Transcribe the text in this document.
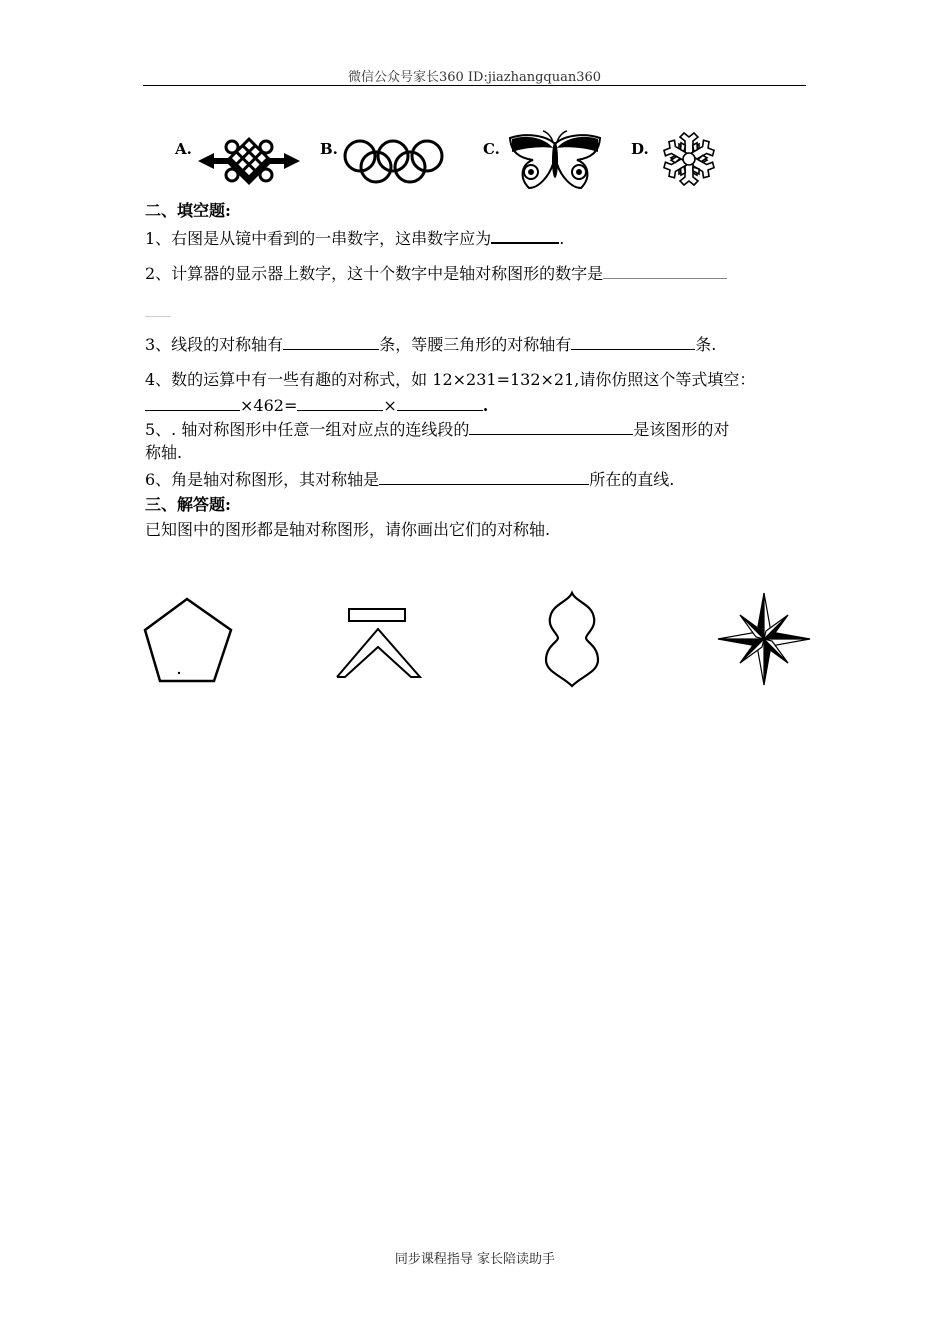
微信公众号家长360 ID:jiazhangquan360
A.	B.	C.	D.
二、填空题:
1、右图是从镜中看到的一串数字，这串数字应为	.
2、计算器的显示器上数字，这十个数字中是轴对称图形的数字是
____
3、线段的对称轴有	条，等腰三角形的对称轴有	条.
4、数的运算中有一些有趣的对称式，如 12×231=132×21,请你仿照这个等式填空：
×462=	×	.
5、. 轴对称图形中任意一组对应点的连线段的	是该图形的对
称轴.
6、角是轴对称图形，其对称轴是	所在的直线.
三、解答题:
已知图中的图形都是轴对称图形，请你画出它们的对称轴.
同步课程指导 家长陪读助手
